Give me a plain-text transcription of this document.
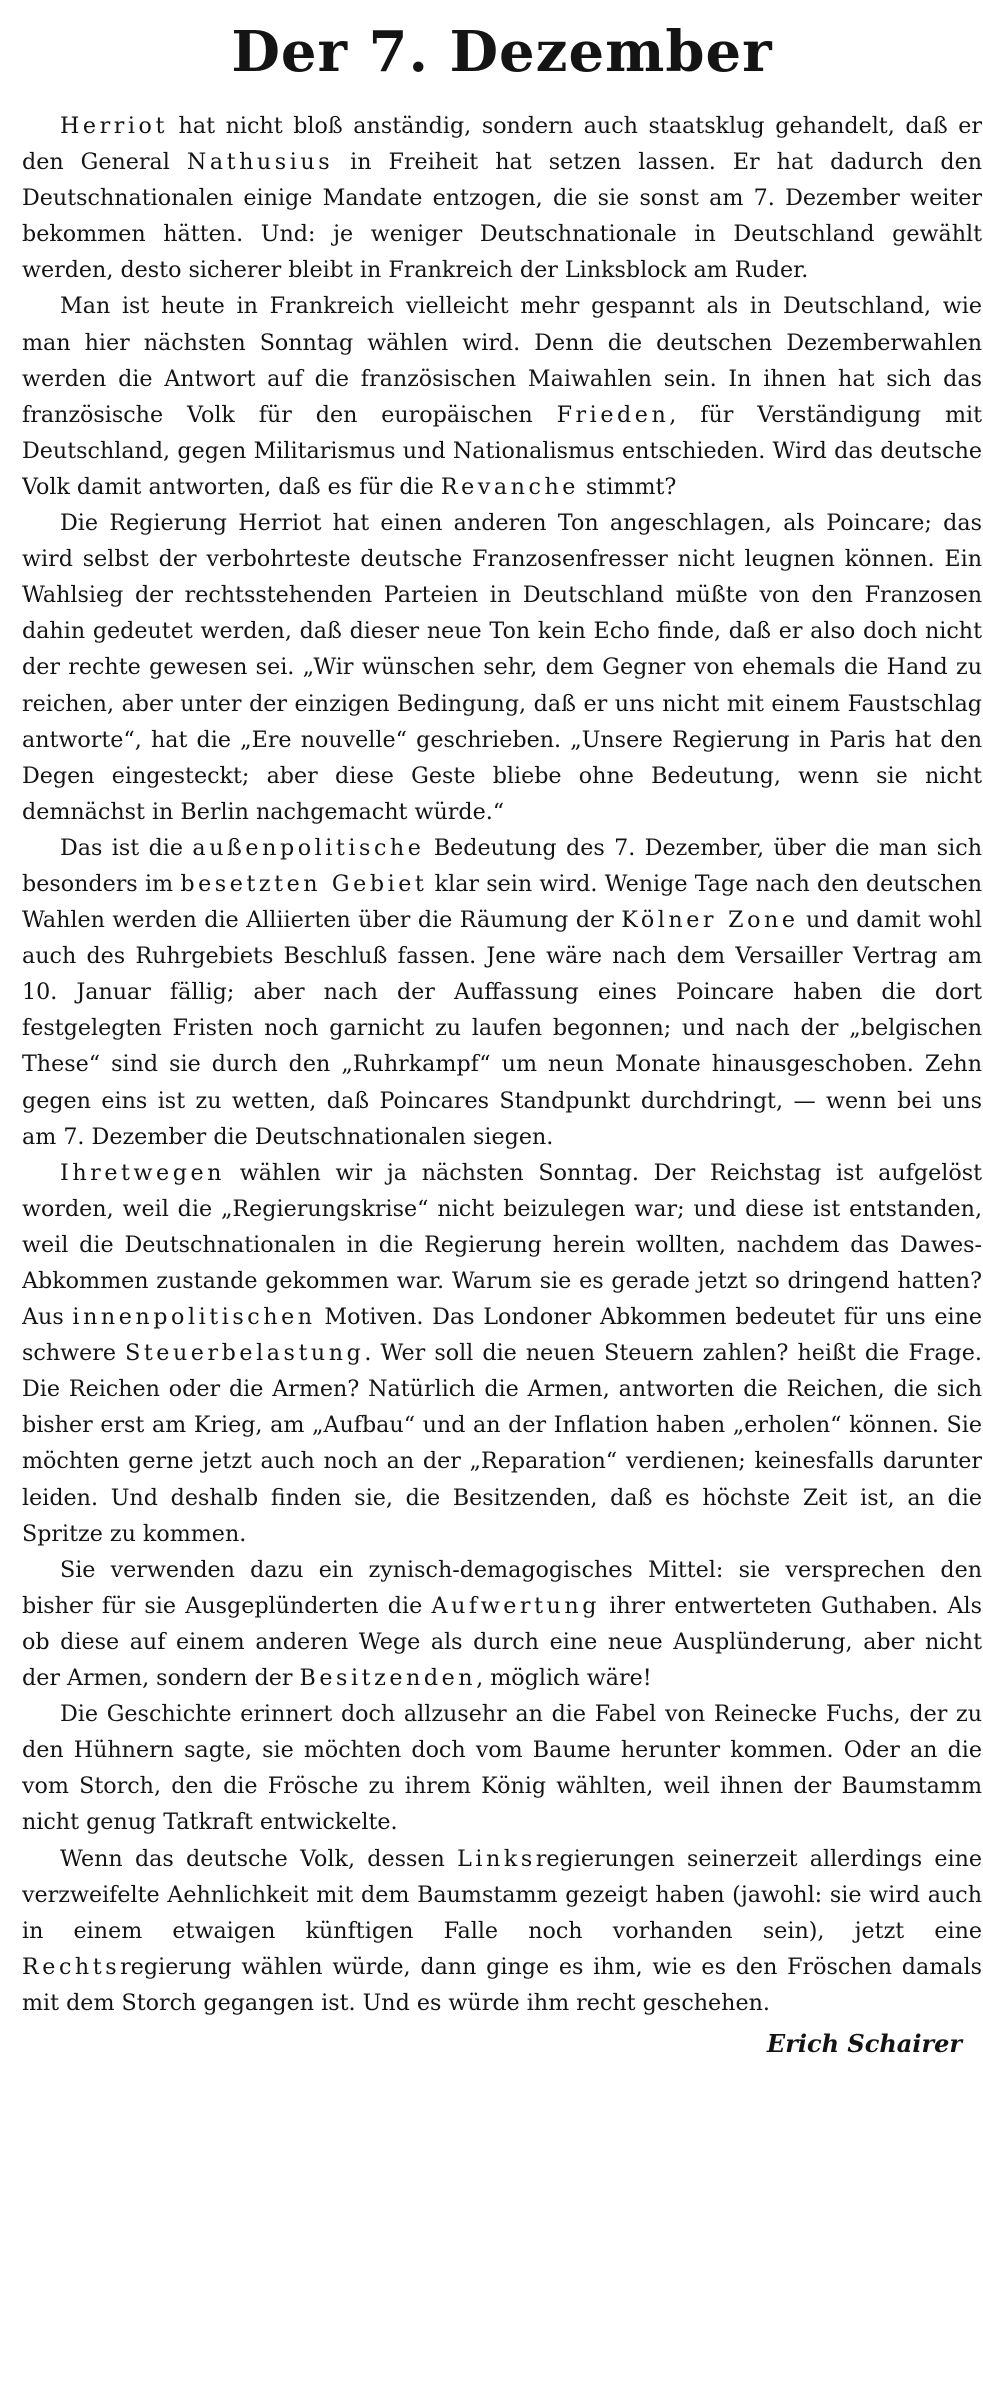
Der 7. Dezember

Herriot hat nicht bloß anständig, sondern auch staatsklug gehandelt, daß er den General Nathusius in Freiheit hat setzen lassen. Er hat dadurch den Deutschnationalen einige Mandate entzogen, die sie sonst am 7. Dezember weiter bekommen hätten. Und: je weniger Deutschnationale in Deutschland gewählt werden, desto sicherer bleibt in Frankreich der Linksblock am Ruder.

Man ist heute in Frankreich vielleicht mehr gespannt als in Deutschland, wie man hier nächsten Sonntag wählen wird. Denn die deutschen Dezemberwahlen werden die Antwort auf die französischen Maiwahlen sein. In ihnen hat sich das französische Volk für den europäischen Frieden, für Verständigung mit Deutschland, gegen Militarismus und Nationalismus entschieden. Wird das deutsche Volk damit antworten, daß es für die Revanche stimmt?

Die Regierung Herriot hat einen anderen Ton angeschlagen, als Poincare; das wird selbst der verbohrteste deutsche Franzosenfresser nicht leugnen können. Ein Wahlsieg der rechtsstehenden Parteien in Deutschland müßte von den Franzosen dahin gedeutet werden, daß dieser neue Ton kein Echo finde, daß er also doch nicht der rechte gewesen sei. „Wir wünschen sehr, dem Gegner von ehemals die Hand zu reichen, aber unter der einzigen Bedingung, daß er uns nicht mit einem Faustschlag antworte“, hat die „Ere nouvelle“ geschrieben. „Unsere Regierung in Paris hat den Degen eingesteckt; aber diese Geste bliebe ohne Bedeutung, wenn sie nicht demnächst in Berlin nachgemacht würde.“

Das ist die außenpolitische Bedeutung des 7. Dezember, über die man sich besonders im besetzten Gebiet klar sein wird. Wenige Tage nach den deutschen Wahlen werden die Alliierten über die Räumung der Kölner Zone und damit wohl auch des Ruhrgebiets Beschluß fassen. Jene wäre nach dem Versailler Vertrag am 10. Januar fällig; aber nach der Auffassung eines Poincare haben die dort festgelegten Fristen noch garnicht zu laufen begonnen; und nach der „belgischen These“ sind sie durch den „Ruhrkampf“ um neun Monate hinausgeschoben. Zehn gegen eins ist zu wetten, daß Poincares Standpunkt durchdringt, — wenn bei uns am 7. Dezember die Deutschnationalen siegen.

Ihretwegen wählen wir ja nächsten Sonntag. Der Reichstag ist aufgelöst worden, weil die „Regierungskrise“ nicht beizulegen war; und diese ist entstanden, weil die Deutschnationalen in die Regierung herein wollten, nachdem das Dawes-Abkommen zustande gekommen war. Warum sie es gerade jetzt so dringend hatten? Aus innenpolitischen Motiven. Das Londoner Abkommen bedeutet für uns eine schwere Steuerbelastung. Wer soll die neuen Steuern zahlen? heißt die Frage. Die Reichen oder die Armen? Natürlich die Armen, antworten die Reichen, die sich bisher erst am Krieg, am „Aufbau“ und an der Inflation haben „erholen“ können. Sie möchten gerne jetzt auch noch an der „Reparation“ verdienen; keinesfalls darunter leiden. Und deshalb finden sie, die Besitzenden, daß es höchste Zeit ist, an die Spritze zu kommen.

Sie verwenden dazu ein zynisch-demagogisches Mittel: sie versprechen den bisher für sie Ausgeplünderten die Aufwertung ihrer entwerteten Guthaben. Als ob diese auf einem anderen Wege als durch eine neue Ausplünderung, aber nicht der Armen, sondern der Besitzenden, möglich wäre!

Die Geschichte erinnert doch allzusehr an die Fabel von Reinecke Fuchs, der zu den Hühnern sagte, sie möchten doch vom Baume herunter kommen. Oder an die vom Storch, den die Frösche zu ihrem König wählten, weil ihnen der Baumstamm nicht genug Tatkraft entwickelte.

Wenn das deutsche Volk, dessen Linksregierungen seinerzeit allerdings eine verzweifelte Aehnlichkeit mit dem Baumstamm gezeigt haben (jawohl: sie wird auch in einem etwaigen künftigen Falle noch vorhanden sein), jetzt eine Rechtsregierung wählen würde, dann ginge es ihm, wie es den Fröschen damals mit dem Storch gegangen ist. Und es würde ihm recht geschehen.

Erich Schairer
